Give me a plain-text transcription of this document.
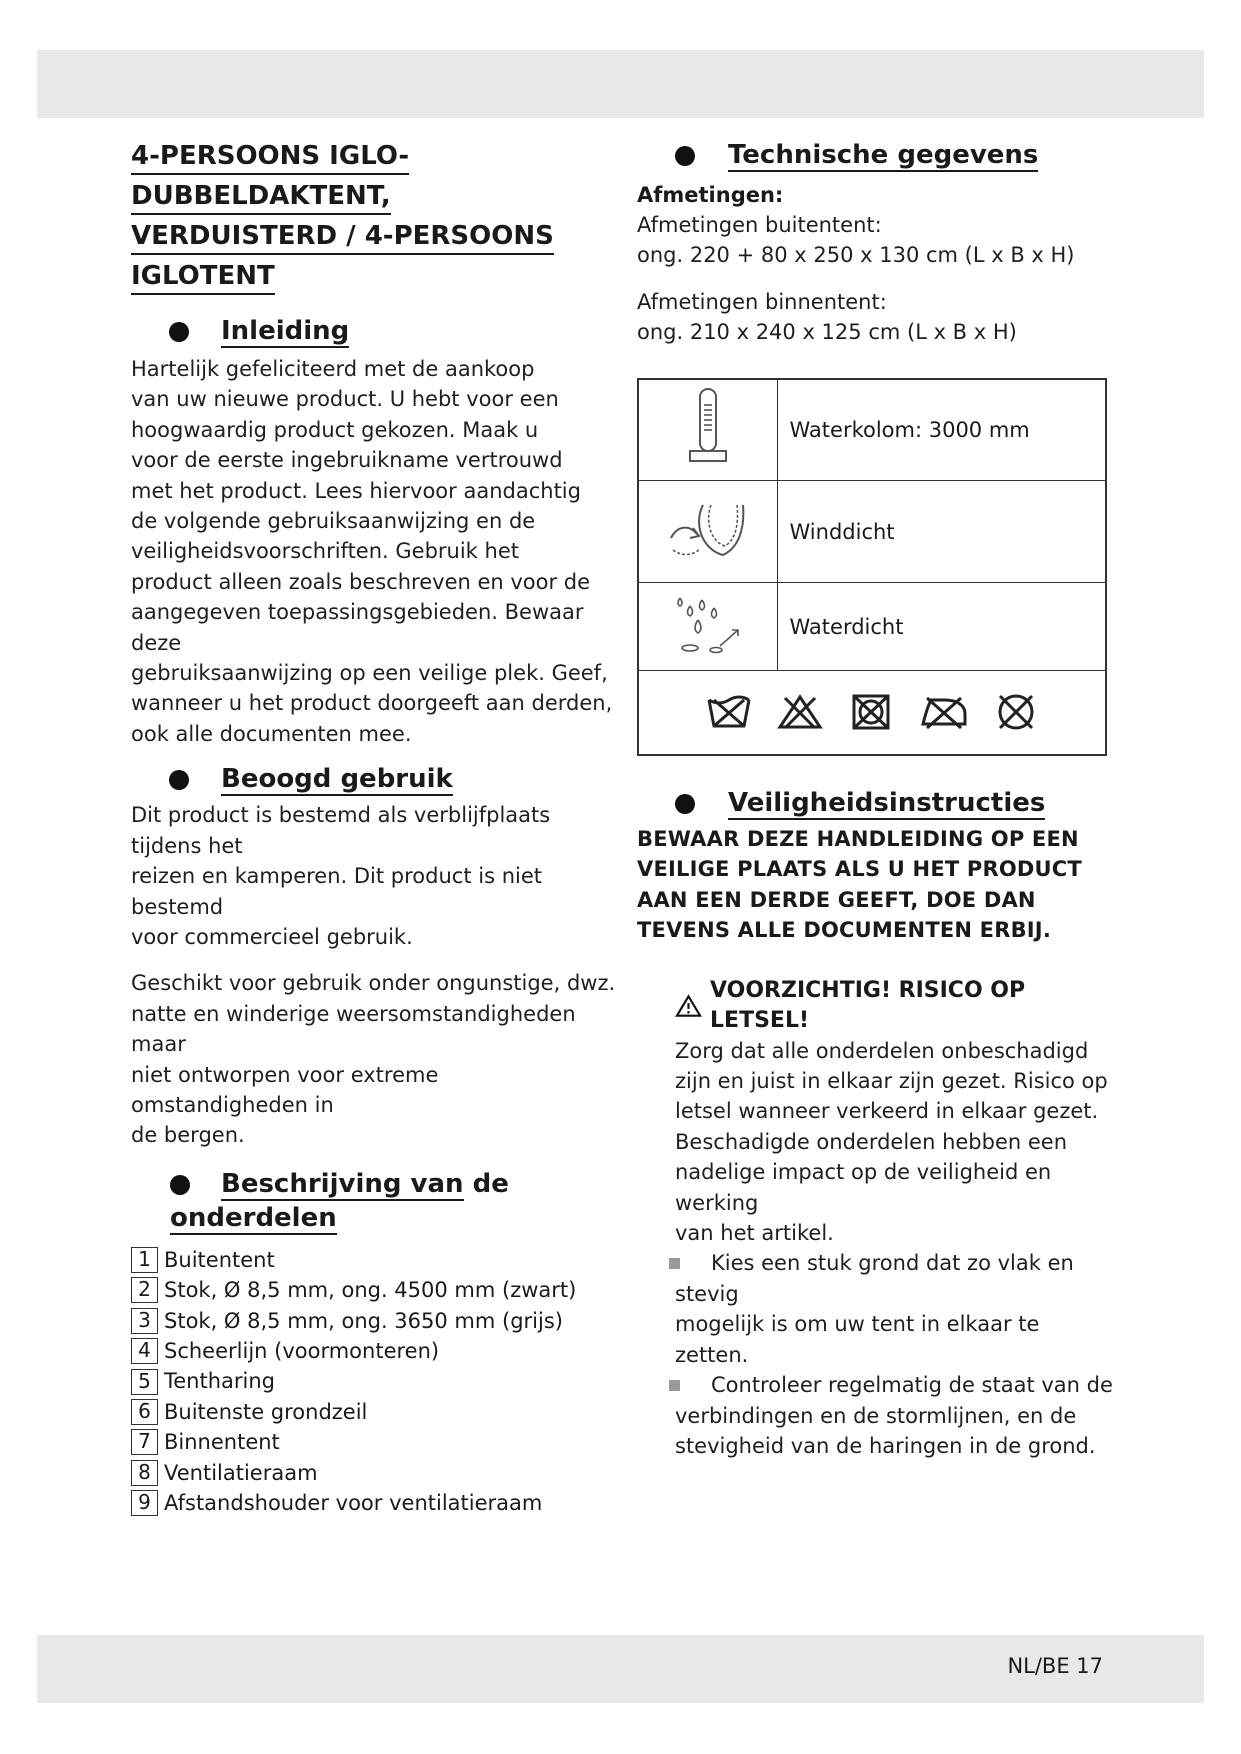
NL/BE 17
4-PERSOONS IGLO-
DUBBELDAKTENT,
VERDUISTERD / 4-PERSOONS
IGLOTENT
Inleiding
Hartelijk gefeliciteerd met de aankoop
van uw nieuwe product. U hebt voor een
hoogwaardig product gekozen. Maak u
voor de eerste ingebruikname vertrouwd
met het product. Lees hiervoor aandachtig
de volgende gebruiksaanwijzing en de
veiligheidsvoorschriften. Gebruik het
product alleen zoals beschreven en voor de
aangegeven toepassingsgebieden. Bewaar deze
gebruiksaanwijzing op een veilige plek. Geef,
wanneer u het product doorgeeft aan derden,
ook alle documenten mee.
Beoogd gebruik
Dit product is bestemd als verblijfplaats tijdens het
reizen en kamperen. Dit product is niet bestemd
voor commercieel gebruik.
Geschikt voor gebruik onder ongunstige, dwz.
natte en winderige weersomstandigheden maar
niet ontworpen voor extreme omstandigheden in
de bergen.
Beschrijving van de
onderdelen
1 Buitentent
2 Stok, Ø 8,5 mm, ong. 4500 mm (zwart)
3 Stok, Ø 8,5 mm, ong. 3650 mm (grijs)
4 Scheerlijn (voormonteren)
5 Tentharing
6 Buitenste grondzeil
7 Binnentent
8 Ventilatieraam
9 Afstandshouder voor ventilatieraam
Technische gegevens
Afmetingen:
Afmetingen buitentent:
ong. 220 + 80 x 250 x 130 cm (L x B x H)
Afmetingen binnentent:
ong. 210 x 240 x 125 cm (L x B x H)
	Waterkolom: 3000 mm
	Winddicht
	Waterdicht

Veiligheidsinstructies
BEWAAR DEZE HANDLEIDING OP EEN
VEILIGE PLAATS ALS U HET PRODUCT
AAN EEN DERDE GEEFT, DOE DAN
TEVENS ALLE DOCUMENTEN ERBIJ.
VOORZICHTIG! RISICO OP LETSEL!
Zorg dat alle onderdelen onbeschadigd
zijn en juist in elkaar zijn gezet. Risico op
letsel wanneer verkeerd in elkaar gezet.
Beschadigde onderdelen hebben een
nadelige impact op de veiligheid en werking
van het artikel.
Kies een stuk grond dat zo vlak en stevig
mogelijk is om uw tent in elkaar te zetten.
Controleer regelmatig de staat van de
verbindingen en de stormlijnen, en de
stevigheid van de haringen in de grond.
